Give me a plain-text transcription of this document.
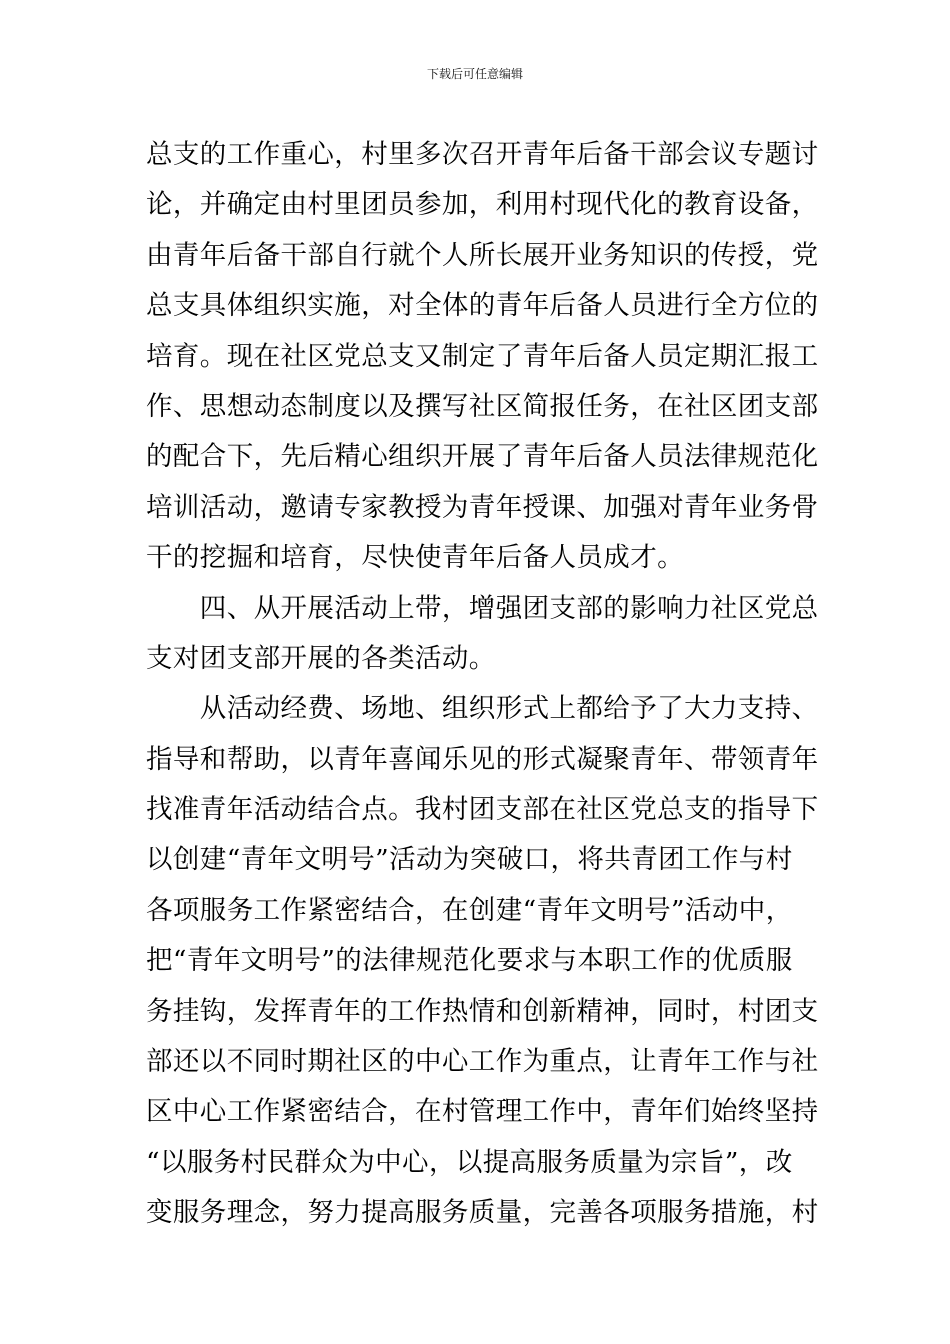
下载后可任意编辑
总支的工作重心，村里多次召开青年后备干部会议专题讨
论，并确定由村里团员参加，利用村现代化的教育设备，
由青年后备干部自行就个人所长展开业务知识的传授，党
总支具体组织实施，对全体的青年后备人员进行全方位的
培育。现在社区党总支又制定了青年后备人员定期汇报工
作、思想动态制度以及撰写社区简报任务，在社区团支部
的配合下，先后精心组织开展了青年后备人员法律规范化
培训活动，邀请专家教授为青年授课、加强对青年业务骨
干的挖掘和培育，尽快使青年后备人员成才。
　　四、从开展活动上带，增强团支部的影响力社区党总
支对团支部开展的各类活动。
　　从活动经费、场地、组织形式上都给予了大力支持、
指导和帮助，以青年喜闻乐见的形式凝聚青年、带领青年
找准青年活动结合点。我村团支部在社区党总支的指导下
以创建“青年文明号”活动为突破口，将共青团工作与村
各项服务工作紧密结合，在创建“青年文明号”活动中，
把“青年文明号”的法律规范化要求与本职工作的优质服
务挂钩，发挥青年的工作热情和创新精神，同时，村团支
部还以不同时期社区的中心工作为重点，让青年工作与社
区中心工作紧密结合，在村管理工作中，青年们始终坚持
“以服务村民群众为中心，以提高服务质量为宗旨”，改
变服务理念，努力提高服务质量，完善各项服务措施，村
